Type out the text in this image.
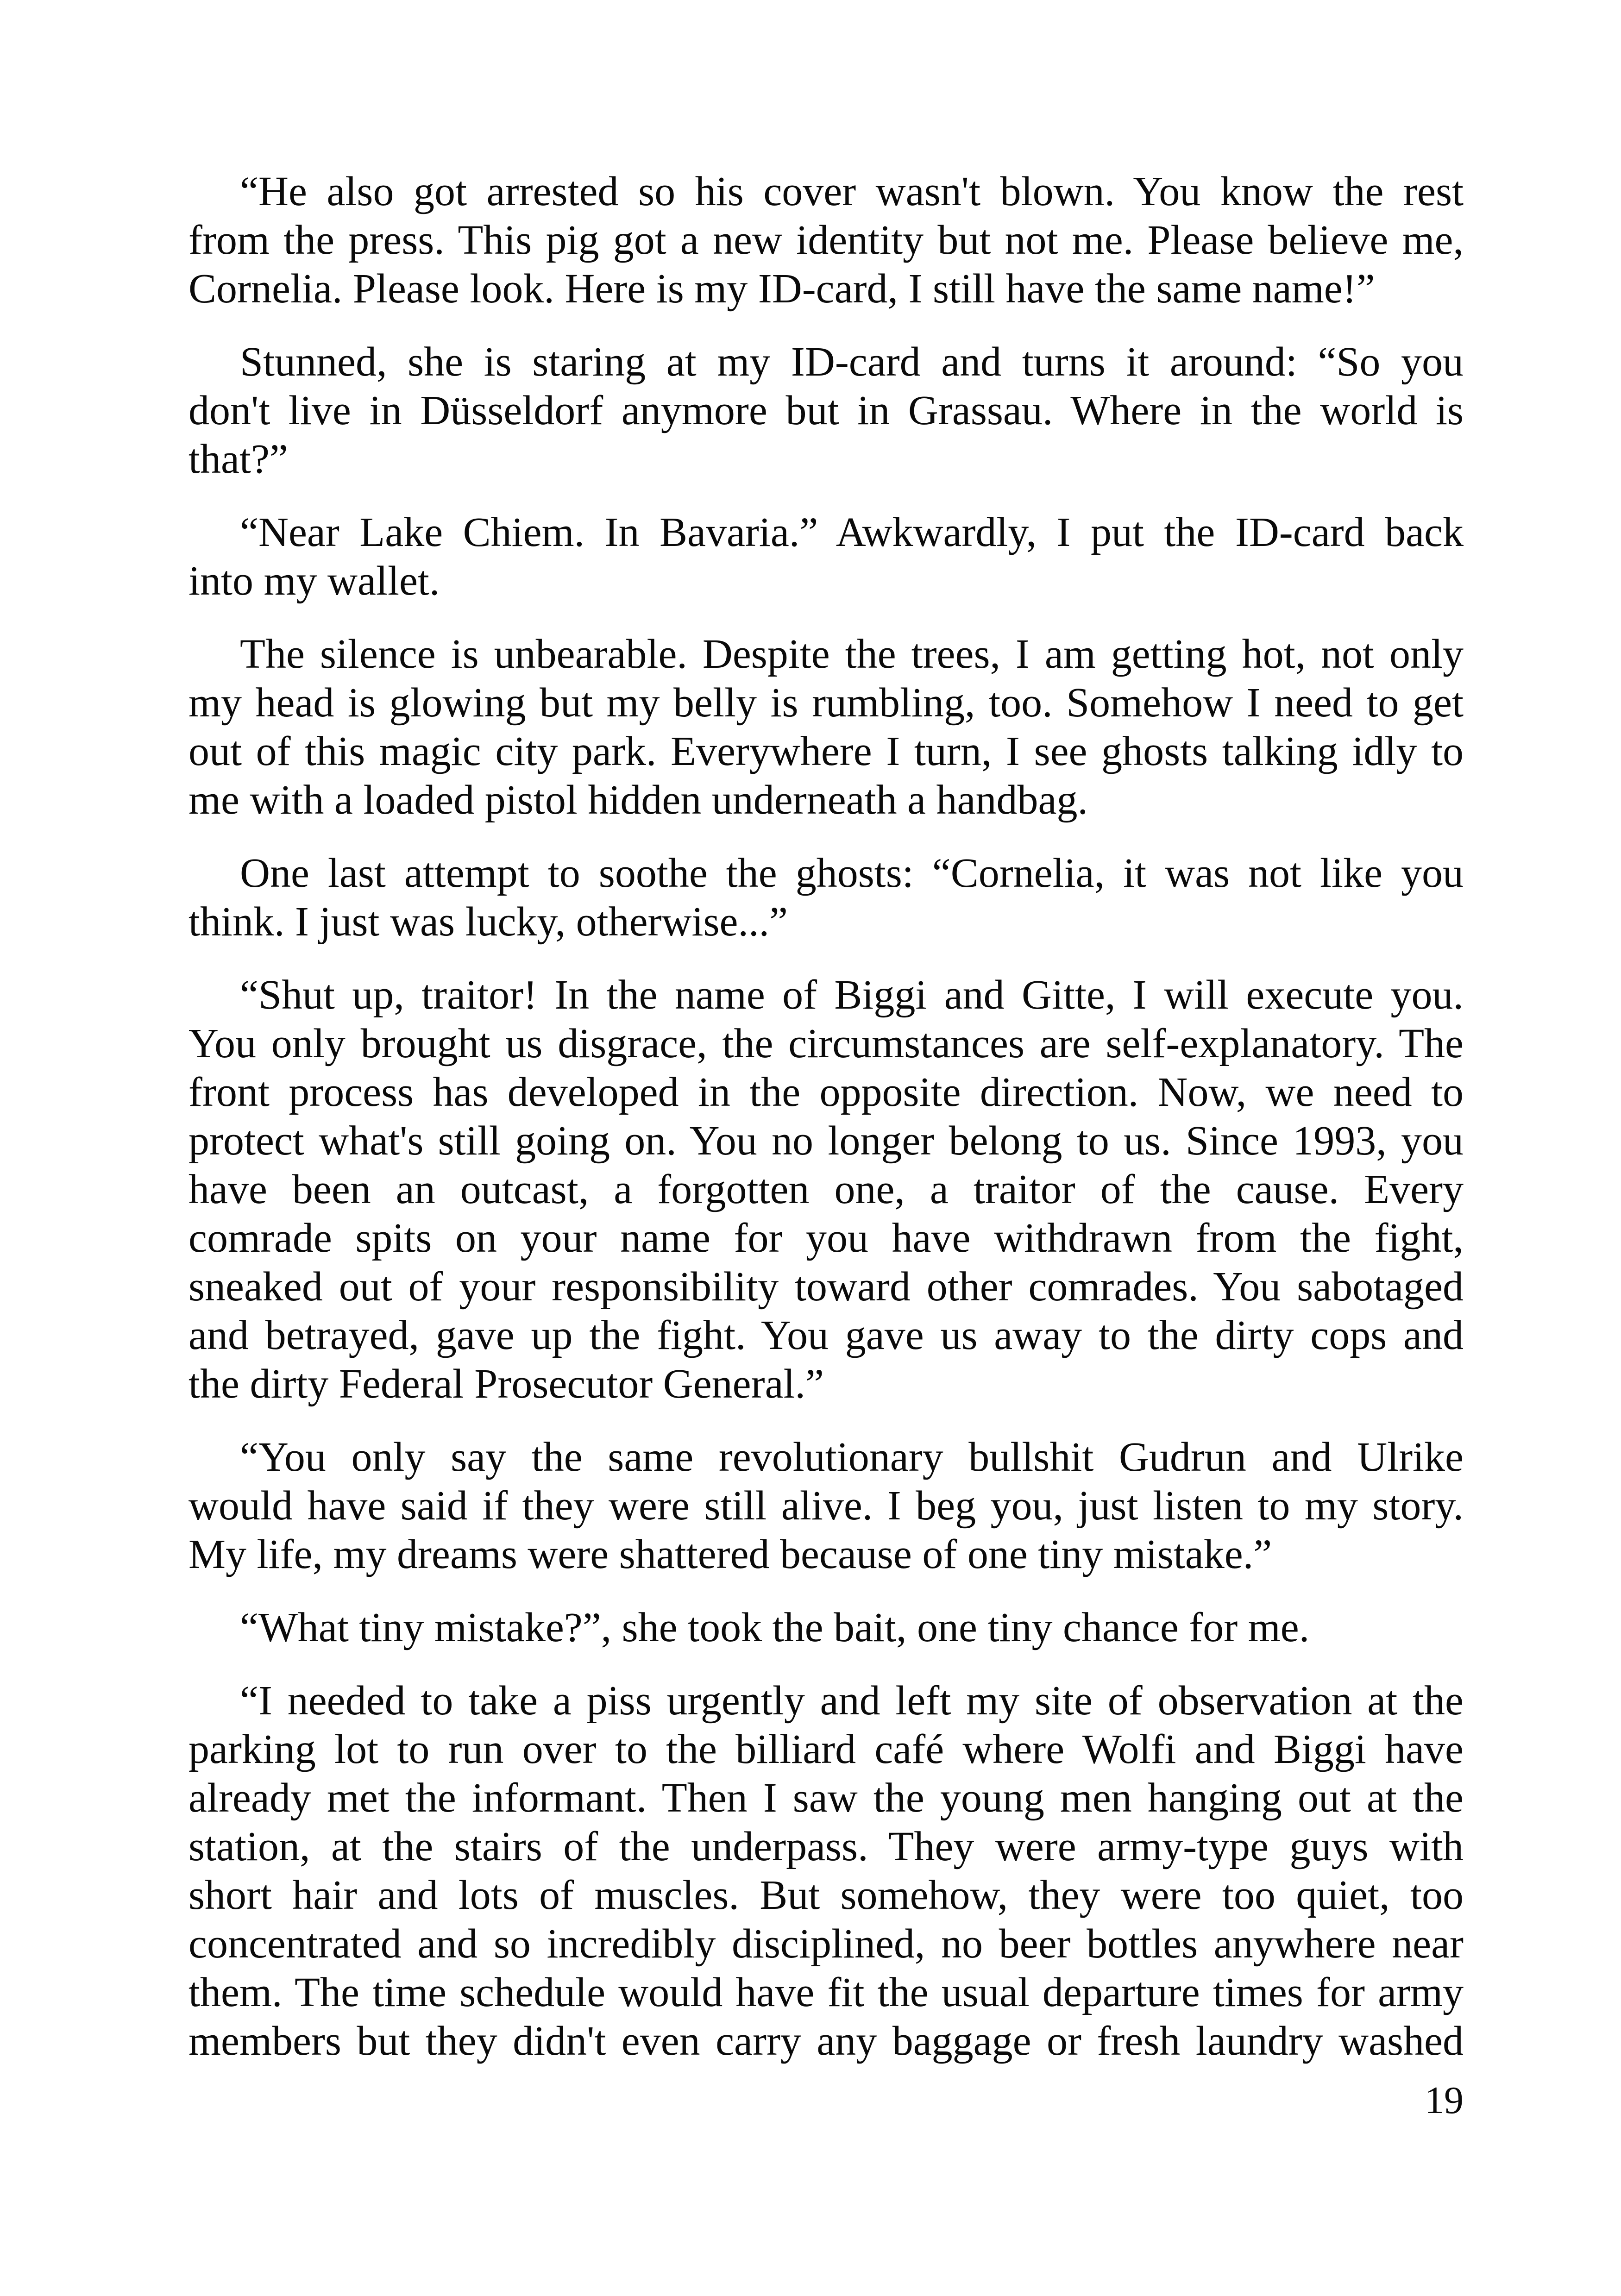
“He also got arrested so his cover wasn't blown. You know the rest
from the press. This pig got a new identity but not me. Please believe me,
Cornelia. Please look. Here is my ID-card, I still have the same name!”
Stunned, she is staring at my ID-card and turns it around: “So you
don't live in Düsseldorf anymore but in Grassau. Where in the world is
that?”
“Near Lake Chiem. In Bavaria.” Awkwardly, I put the ID-card back
into my wallet.
The silence is unbearable. Despite the trees, I am getting hot, not only
my head is glowing but my belly is rumbling, too. Somehow I need to get
out of this magic city park. Everywhere I turn, I see ghosts talking idly to
me with a loaded pistol hidden underneath a handbag.
One last attempt to soothe the ghosts: “Cornelia, it was not like you
think. I just was lucky, otherwise...”
“Shut up, traitor! In the name of Biggi and Gitte, I will execute you.
You only brought us disgrace, the circumstances are self-explanatory. The
front process has developed in the opposite direction. Now, we need to
protect what's still going on. You no longer belong to us. Since 1993, you
have been an outcast, a forgotten one, a traitor of the cause. Every
comrade spits on your name for you have withdrawn from the fight,
sneaked out of your responsibility toward other comrades. You sabotaged
and betrayed, gave up the fight. You gave us away to the dirty cops and
the dirty Federal Prosecutor General.”
“You only say the same revolutionary bullshit Gudrun and Ulrike
would have said if they were still alive. I beg you, just listen to my story.
My life, my dreams were shattered because of one tiny mistake.”
“What tiny mistake?”, she took the bait, one tiny chance for me.
“I needed to take a piss urgently and left my site of observation at the
parking lot to run over to the billiard café where Wolfi and Biggi have
already met the informant. Then I saw the young men hanging out at the
station, at the stairs of the underpass. They were army-type guys with
short hair and lots of muscles. But somehow, they were too quiet, too
concentrated and so incredibly disciplined, no beer bottles anywhere near
them. The time schedule would have fit the usual departure times for army
members but they didn't even carry any baggage or fresh laundry washed
19
